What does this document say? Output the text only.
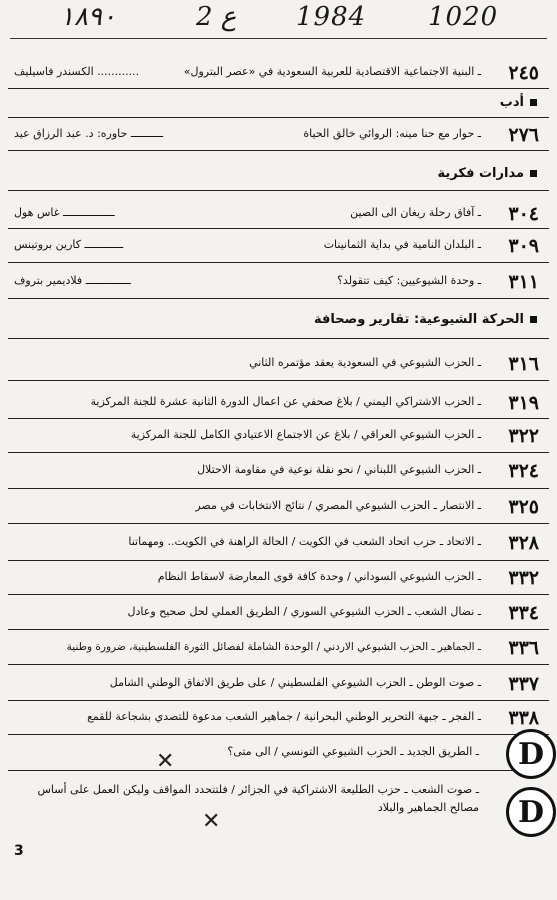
1020
1984
ع 2
١٨٩٠
٢٤٥
ـ البنية الاجتماعية الاقتصادية للعربية السعودية في «عصر البترول»
............ الكسندر فاسيليف
أدب
٢٧٦
ـ حوار مع حنا مينه: الروائي خالق الحياة
ــــــــــ حاوره: د. عبد الرزاق عيد
مدارات فكرية
٣٠٤
ـ آفاق رحلة ريغان الى الصين
ــــــــــــــــ غاس هول
٣٠٩
ـ البلدان النامية في بداية الثمانينات
ــــــــــــ كارين بروتينس
٣١١
ـ وحدة الشيوعيين: كيف تتقولد؟
ــــــــــــــ فلاديمير بتروف
الحركة الشيوعية: تقارير وصحافة
٣١٦
ـ الحزب الشيوعي في السعودية يعقد مؤتمره الثاني
٣١٩
ـ الحزب الاشتراكي اليمني / بلاغ صحفي عن اعمال الدورة الثانية عشرة للجنة المركزية
٣٢٢
ـ الحزب الشيوعي العراقي / بلاغ عن الاجتماع الاعتيادي الكامل للجنة المركزية
٣٢٤
ـ الحزب الشيوعي اللبناني / نحو نقلة نوعية في مقاومة الاحتلال
٣٢٥
ـ الانتصار ـ الحزب الشيوعي المصري / نتائج الانتخابات في مصر
٣٢٨
ـ الاتحاد ـ حزب اتحاد الشعب في الكويت / الحالة الراهنة في الكويت.. ومهماتنا
٣٣٢
ـ الحزب الشيوعي السوداني / وحدة كافة قوى المعارضة لاسقاط النظام
٣٣٤
ـ نضال الشعب ـ الحزب الشيوعي السوري / الطريق العملي لحل صحيح وعادل
٣٣٦
ـ الجماهير ـ الحزب الشيوعي الاردني / الوحدة الشاملة لفصائل الثورة الفلسطينية، ضرورة وطنية
٣٣٧
ـ صوت الوطن ـ الحزب الشيوعي الفلسطيني / على طريق الاتفاق الوطني الشامل
٣٣٨
ـ الفجر ـ جبهة التحرير الوطني البحرانية / جماهير الشعب مدعوة للتصدي بشجاعة للقمع
ـ الطريق الجديد ـ الحزب الشيوعي التونسي / الى متى؟
✕
ـ صوت الشعب ـ حزب الطليعة الاشتراكية في الجزائر / فلتتحدد المواقف وليكن العمل على أساس
مصالح الجماهير والبلاد
✕
D
D
3
